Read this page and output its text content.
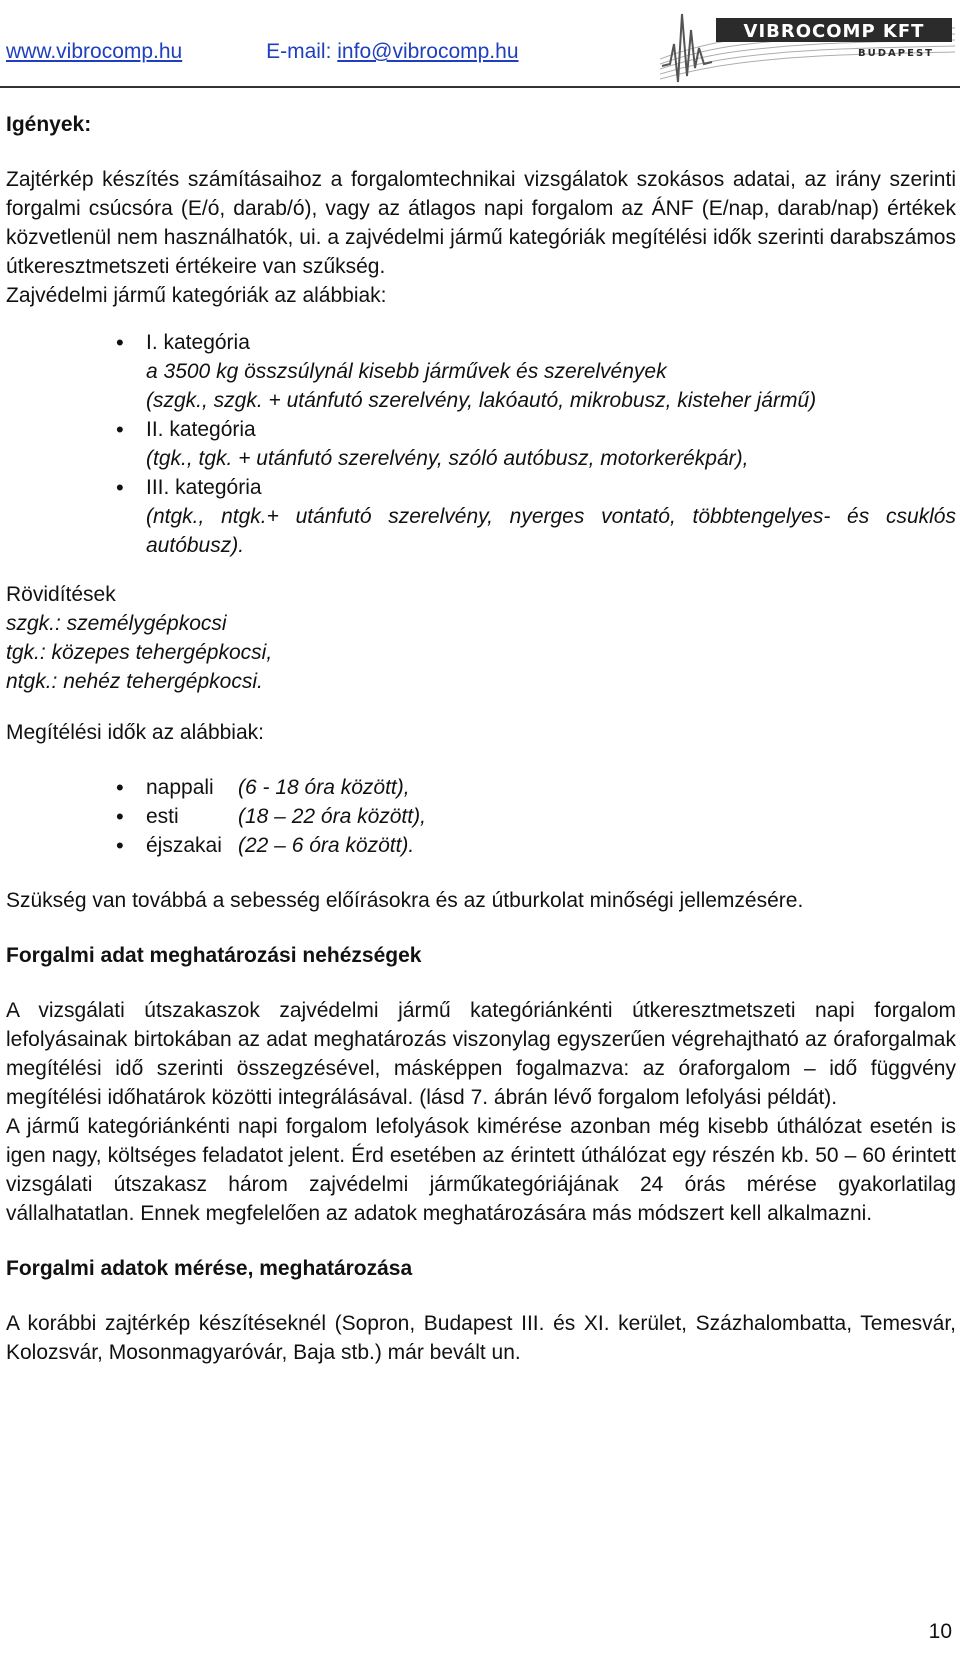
www.vibrocomp.hu	E-mail: info@vibrocomp.hu
VIBROCOMP KFT
BUDAPEST

Igények:

Zajtérkép készítés számításaihoz a forgalomtechnikai vizsgálatok szokásos adatai, az irány szerinti forgalmi csúcsóra (E/ó, darab/ó), vagy az átlagos napi forgalom az ÁNF (E/nap, darab/nap) értékek közvetlenül nem használhatók, ui. a zajvédelmi jármű kategóriák megítélési idők szerinti darabszámos útkeresztmetszeti értékeire van szűkség.

Zajvédelmi jármű kategóriák az alábbiak:

• I. kategória
a 3500 kg összsúlynál kisebb járművek és szerelvények
(szgk., szgk. + utánfutó szerelvény, lakóautó, mikrobusz, kisteher jármű)
• II. kategória
(tgk., tgk. + utánfutó szerelvény, szóló autóbusz, motorkerékpár),
• III. kategória
(ntgk., ntgk.+ utánfutó szerelvény, nyerges vontató, többtengelyes- és csuklós autóbusz).

Rövidítések

szgk.: személygépkocsi

tgk.: közepes tehergépkocsi,

ntgk.: nehéz tehergépkocsi.

Megítélési idők az alábbiak:

• nappali (6 - 18 óra között),
• esti	(18 – 22 óra között),
• éjszakai (22 – 6 óra között).

Szükség van továbbá a sebesség előírásokra és az útburkolat minőségi jellemzésére.

Forgalmi adat meghatározási nehézségek

A vizsgálati útszakaszok zajvédelmi jármű kategóriánkénti útkeresztmetszeti napi forgalom lefolyásainak birtokában az adat meghatározás viszonylag egyszerűen végrehajtható az óraforgalmak megítélési idő szerinti összegzésével, másképpen fogalmazva: az óraforgalom – idő függvény megítélési időhatárok közötti integrálásával. (lásd 7. ábrán lévő forgalom lefolyási példát).

A jármű kategóriánkénti napi forgalom lefolyások kimérése azonban még kisebb úthálózat esetén is igen nagy, költséges feladatot jelent. Érd esetében az érintett úthálózat egy részén kb. 50 – 60 érintett vizsgálati útszakasz három zajvédelmi járműkategóriájának 24 órás mérése gyakorlatilag vállalhatatlan. Ennek megfelelően az adatok meghatározására más módszert kell alkalmazni.

Forgalmi adatok mérése, meghatározása

A korábbi zajtérkép készítéseknél (Sopron, Budapest III. és XI. kerület, Százhalombatta, Temesvár, Kolozsvár, Mosonmagyaróvár, Baja stb.) már bevált un.

10
